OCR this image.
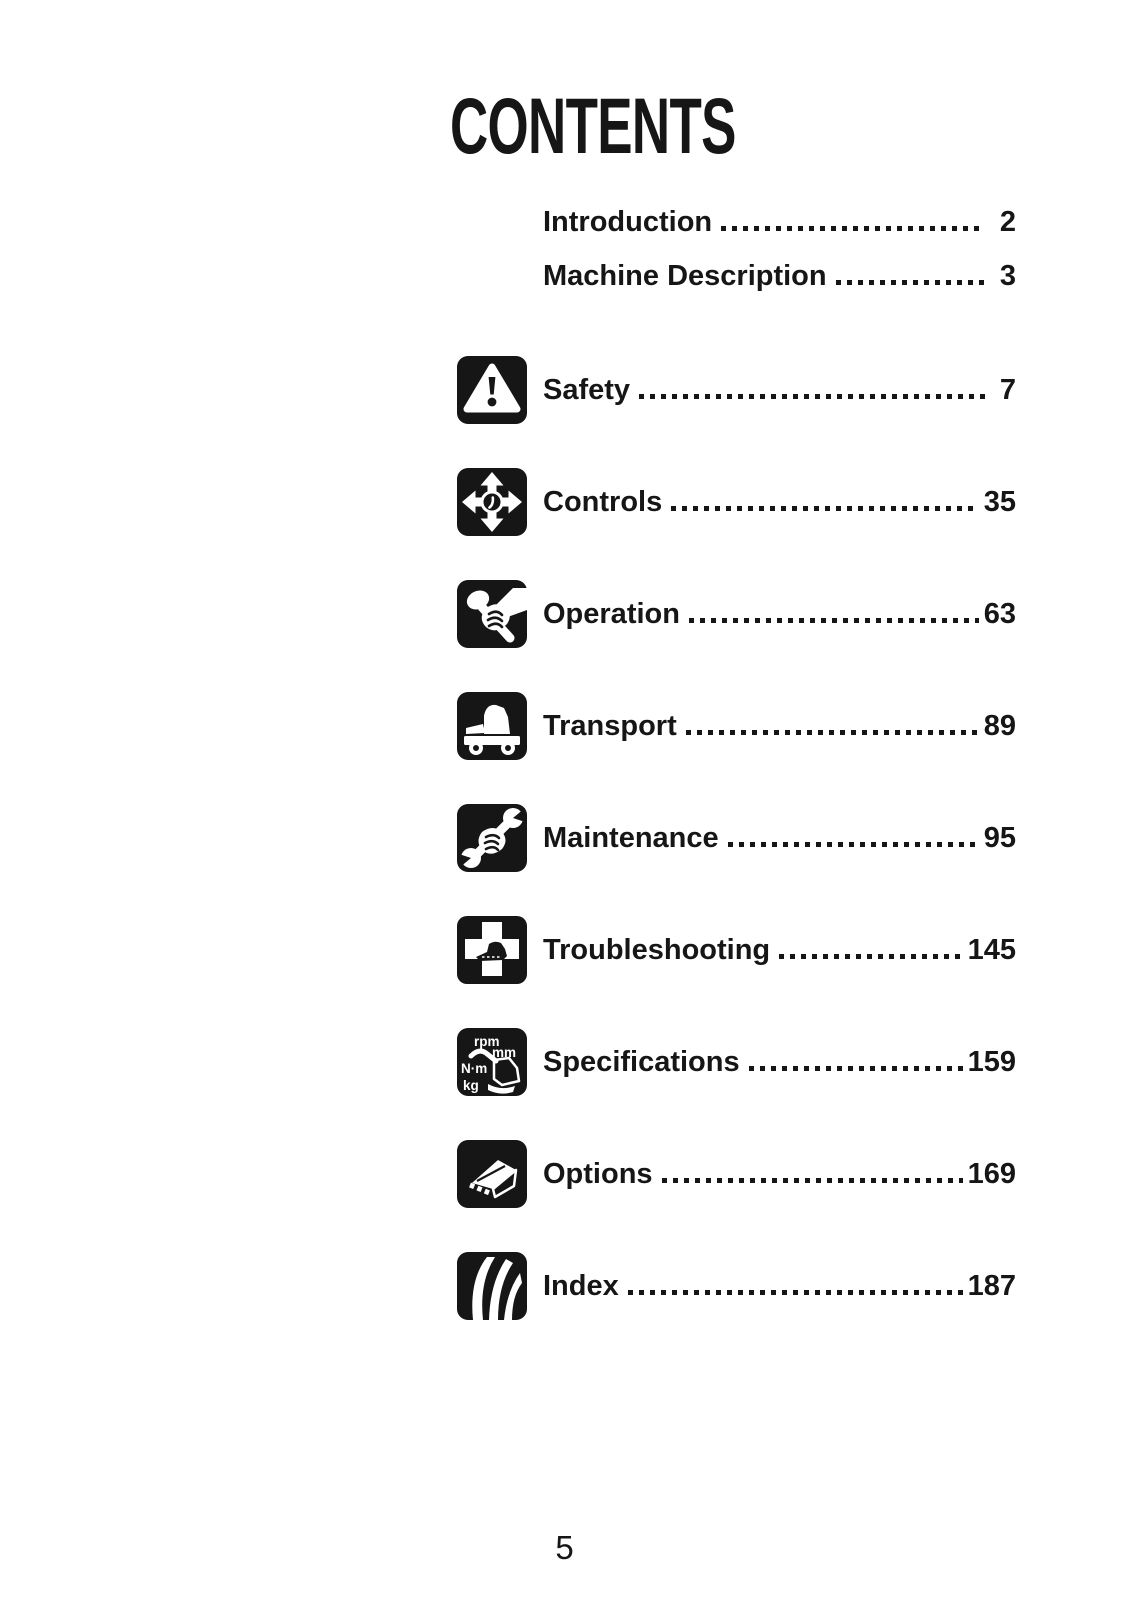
CONTENTS
Introduction	2
Machine Description	3
Safety	7
Controls	35
Operation	63
Transport	89
Maintenance	95
Troubleshooting	145
rpm
mm
N·m
kg
Specifications	159
Options	169
Index	187
5
